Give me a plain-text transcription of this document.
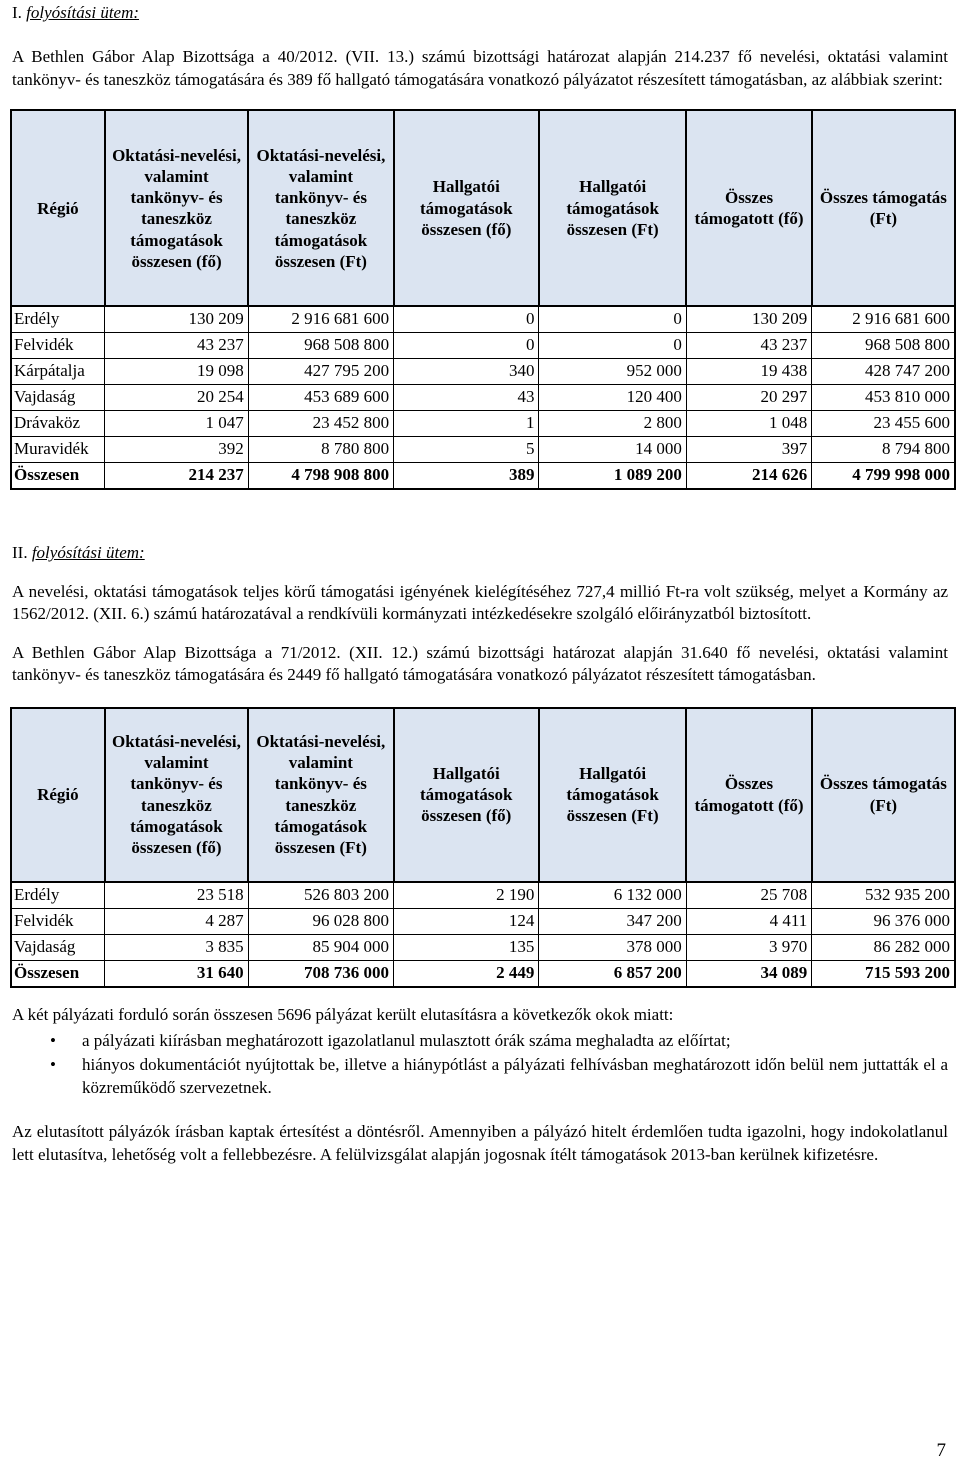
I. folyósítási ütem:

A Bethlen Gábor Alap Bizottsága a 40/2012. (VII. 13.) számú bizottsági határozat alapján 214.237 fő nevelési, oktatási valamint tankönyv- és taneszköz támogatására és 389 fő hallgató támogatására vonatkozó pályázatot részesített támogatásban, az alábbiak szerint:

Régió	Oktatási-nevelési, valamint tankönyv- és taneszköz támogatások összesen (fő)	Oktatási-nevelési, valamint tankönyv- és taneszköz támogatások összesen (Ft)	Hallgatói támogatások összesen (fő)	Hallgatói támogatások összesen (Ft)	Összes támogatott (fő)	Összes támogatás (Ft)
Erdély	130 209	2 916 681 600	0	0	130 209	2 916 681 600
Felvidék	43 237	968 508 800	0	0	43 237	968 508 800
Kárpátalja	19 098	427 795 200	340	952 000	19 438	428 747 200
Vajdaság	20 254	453 689 600	43	120 400	20 297	453 810 000
Drávaköz	1 047	23 452 800	1	2 800	1 048	23 455 600
Muravidék	392	8 780 800	5	14 000	397	8 794 800
Összesen	214 237	4 798 908 800	389	1 089 200	214 626	4 799 998 000
II. folyósítási ütem:

A nevelési, oktatási támogatások teljes körű támogatási igényének kielégítéséhez 727,4 millió Ft-ra volt szükség, melyet a Kormány az 1562/2012. (XII. 6.) számú határozatával a rendkívüli kormányzati intézkedésekre szolgáló előirányzatból biztosított.

A Bethlen Gábor Alap Bizottsága a 71/2012. (XII. 12.) számú bizottsági határozat alapján 31.640 fő nevelési, oktatási valamint tankönyv- és taneszköz támogatására és 2449 fő hallgató támogatására vonatkozó pályázatot részesített támogatásban.

Régió	Oktatási-nevelési, valamint tankönyv- és taneszköz támogatások összesen (fő)	Oktatási-nevelési, valamint tankönyv- és taneszköz támogatások összesen (Ft)	Hallgatói támogatások összesen (fő)	Hallgatói támogatások összesen (Ft)	Összes támogatott (fő)	Összes támogatás (Ft)
Erdély	23 518	526 803 200	2 190	6 132 000	25 708	532 935 200
Felvidék	4 287	96 028 800	124	347 200	4 411	96 376 000
Vajdaság	3 835	85 904 000	135	378 000	3 970	86 282 000
Összesen	31 640	708 736 000	2 449	6 857 200	34 089	715 593 200

A két pályázati forduló során összesen 5696 pályázat került elutasításra a következők okok miatt:

• a pályázati kiírásban meghatározott igazolatlanul mulasztott órák száma meghaladta az előírtat;
• hiányos dokumentációt nyújtottak be, illetve a hiánypótlást a pályázati felhívásban meghatározott időn belül nem juttatták el a közreműködő szervezetnek.

Az elutasított pályázók írásban kaptak értesítést a döntésről. Amennyiben a pályázó hitelt érdemlően tudta igazolni, hogy indokolatlanul lett elutasítva, lehetőség volt a fellebbezésre. A felülvizsgálat alapján jogosnak ítélt támogatások 2013-ban kerülnek kifizetésre.

7
